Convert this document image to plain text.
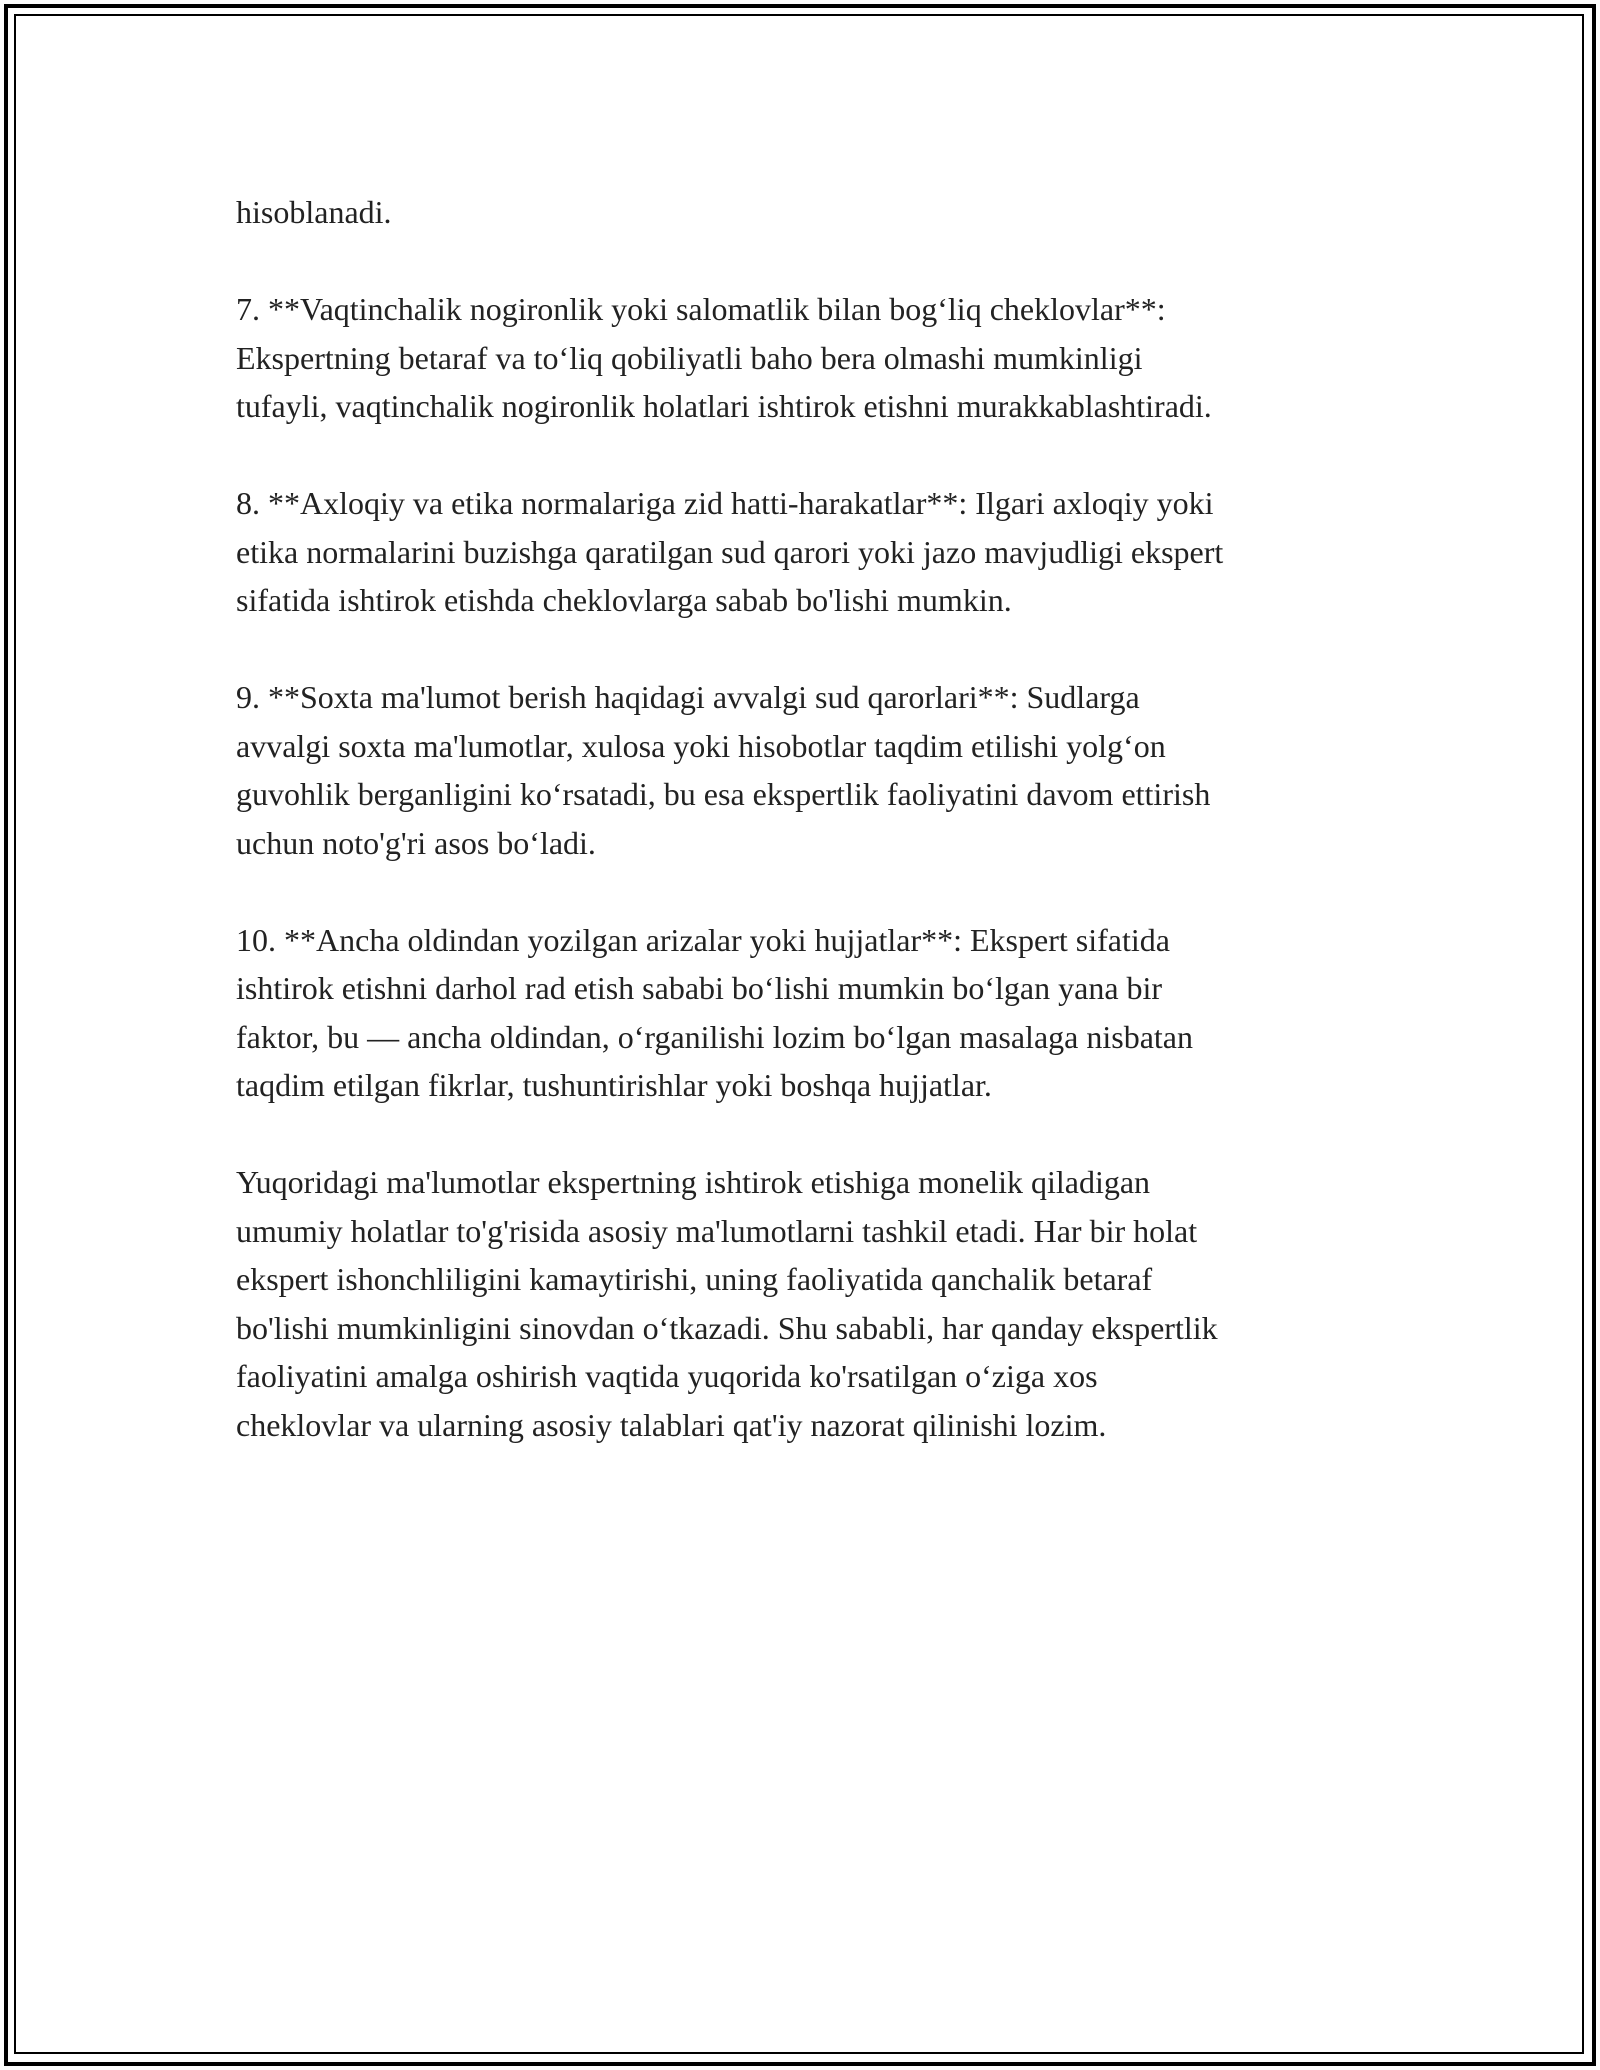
hisoblanadi.

7. **Vaqtinchalik nogironlik yoki salomatlik bilan bog‘liq cheklovlar**:
Ekspertning betaraf va to‘liq qobiliyatli baho bera olmashi mumkinligi
tufayli, vaqtinchalik nogironlik holatlari ishtirok etishni murakkablashtiradi.

8. **Axloqiy va etika normalariga zid hatti-harakatlar**: Ilgari axloqiy yoki
etika normalarini buzishga qaratilgan sud qarori yoki jazo mavjudligi ekspert
sifatida ishtirok etishda cheklovlarga sabab bo'lishi mumkin.

9. **Soxta ma'lumot berish haqidagi avvalgi sud qarorlari**: Sudlarga
avvalgi soxta ma'lumotlar, xulosa yoki hisobotlar taqdim etilishi yolg‘on
guvohlik berganligini ko‘rsatadi, bu esa ekspertlik faoliyatini davom ettirish
uchun noto'g'ri asos bo‘ladi.

10. **Ancha oldindan yozilgan arizalar yoki hujjatlar**: Ekspert sifatida
ishtirok etishni darhol rad etish sababi bo‘lishi mumkin bo‘lgan yana bir
faktor, bu — ancha oldindan, o‘rganilishi lozim bo‘lgan masalaga nisbatan
taqdim etilgan fikrlar, tushuntirishlar yoki boshqa hujjatlar.

Yuqoridagi ma'lumotlar ekspertning ishtirok etishiga monelik qiladigan
umumiy holatlar to'g'risida asosiy ma'lumotlarni tashkil etadi. Har bir holat
ekspert ishonchliligini kamaytirishi, uning faoliyatida qanchalik betaraf
bo'lishi mumkinligini sinovdan o‘tkazadi. Shu sababli, har qanday ekspertlik
faoliyatini amalga oshirish vaqtida yuqorida ko'rsatilgan o‘ziga xos
cheklovlar va ularning asosiy talablari qat'iy nazorat qilinishi lozim.
